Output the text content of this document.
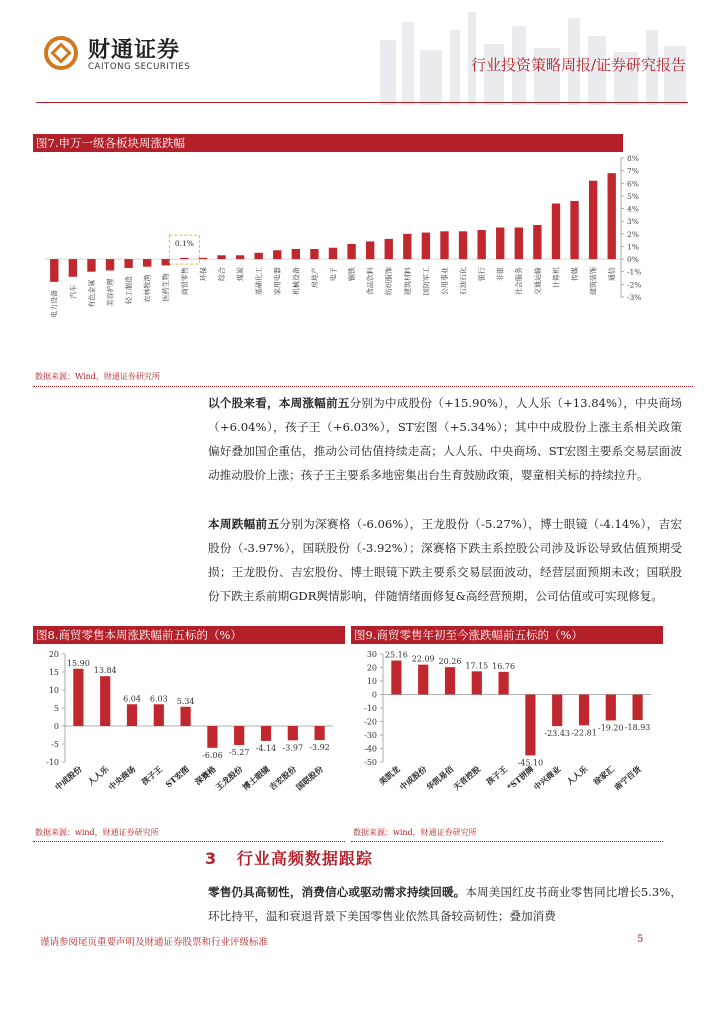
财通证券
CAITONG SECURITIES	行业投资策略周报/证券研究报告
图7.申万一级各板块周涨跌幅
8%
7%
6%
5%
4%
3%
2%
1%
0%
-1%
-2%
-3%
电力设备 汽车 有色金属 美容护理 轻工制造 农林牧渔 医药生物 商贸零售
0.1%
环保 综合 煤炭 基础化工 家用电器 机械设备 房地产 电子 钢铁 食品饮料 纺织服饰 建筑材料 国防军工 公用事业 石油石化 银行 非银 社会服务 交通运输 计算机 传媒 建筑装饰 通信
数据来源：Wind，财通证券研究所
以个股来看，本周涨幅前五分别为中成股份（+15.90%），人人乐（+13.84%），中央商场（+6.04%），孩子王（+6.03%），ST宏图（+5.34%）；其中中成股份上涨主系相关政策偏好叠加国企重估，推动公司估值持续走高；人人乐、中央商场、ST宏图主要系交易层面波动推动股价上涨；孩子王主要系多地密集出台生育鼓励政策，婴童相关标的持续拉升。
本周跌幅前五分别为深赛格（-6.06%），王龙股份（-5.27%），博士眼镜（-4.14%），吉宏股份（-3.97%），国联股份（-3.92%）；深赛格下跌主系控股公司涉及诉讼导致估值预期受损；王龙股份、吉宏股份、博士眼镜下跌主要系交易层面波动，经营层面预期未改；国联股份下跌主系前期GDR舆情影响，伴随情绪面修复&高经营预期，公司估值或可实现修复。
图8.商贸零售本周涨跌幅前五标的（%）
20
15
10
5
0
-5
-10
15.90
中成股份
13.84
人人乐
6.04
中央商场
6.03
孩子王
5.34
ST宏图
-6.06
深赛格
-5.27
王龙股份
-4.14
博士眼镜
-3.97
吉宏股份
-3.92
国联股份
数据来源：wind，财通证券研究所
图9.商贸零售年初至今涨跌幅前五标的（%）
30
20
10
0
-10
-20
-30
-40
-50
25.16
美凯龙
22.09
中成股份
20.26
华凯易佰
17.15
天音控股
16.76
孩子王
-45.10
*ST拼牌
-23.43
中兴商业
-22.81
人人乐
-19.20
徐家汇
-18.93
南宁百货
数据来源：wind，财通证券研究所
3 行业高频数据跟踪
零售仍具高韧性，消费信心或驱动需求持续回暖。本周美国红皮书商业零售同比增长5.3%，环比持平，温和衰退背景下美国零售业依然具备较高韧性；叠加消费
谨请参阅尾页重要声明及财通证券股票和行业评级标准	5
